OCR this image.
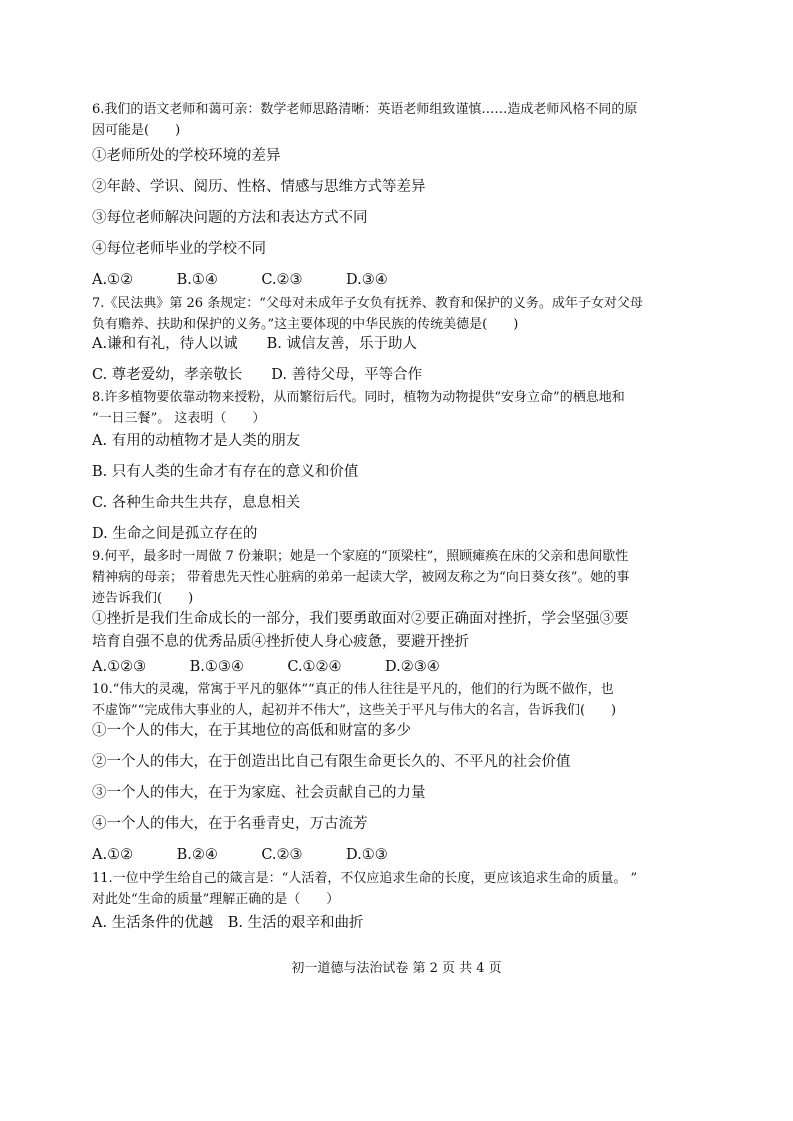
6.我们的语文老师和蔼可亲：数学老师思路清晰：英语老师组致谨慎……造成老师风格不同的原
因可能是(　　)
①老师所处的学校环境的差异
②年龄、学识、阅历、性格、情感与思维方式等差异
③每位老师解决问题的方法和表达方式不同
④每位老师毕业的学校不同
A.①②　　　B.①④　　　C.②③　　　D.③④
7.《民法典》第 26 条规定：“父母对未成年子女负有抚养、教育和保护的义务。成年子女对父母
负有赡养、扶助和保护的义务。”这主要体现的中华民族的传统美德是(　　)
A.谦和有礼，待人以诚　　B. 诚信友善，乐于助人
C. 尊老爱幼，孝亲敬长　　D. 善待父母，平等合作
8.许多植物要依靠动物来授粉，从而繁衍后代。同时，植物为动物提供“安身立命”的栖息地和
“一日三餐”。 这表明（　　）
A. 有用的动植物才是人类的朋友
B. 只有人类的生命才有存在的意义和价值
C. 各种生命共生共存，息息相关
D. 生命之间是孤立存在的
9.何平，最多时一周做 7 份兼职；她是一个家庭的“顶梁柱”，照顾瘫痪在床的父亲和患间歇性
精神病的母亲； 带着患先天性心脏病的弟弟一起读大学，被网友称之为“向日葵女孩”。她的事
迹告诉我们(　　)
①挫折是我们生命成长的一部分，我们要勇敢面对②要正确面对挫折，学会坚强③要
培育自强不息的优秀品质④挫折使人身心疲惫，要避开挫折
A.①②③　　　B.①③④　　　C.①②④　　　D.②③④
10.“伟大的灵魂，常寓于平凡的躯体”“真正的伟人往往是平凡的，他们的行为既不做作，也
不虚饰”“完成伟大事业的人，起初并不伟大”，这些关于平凡与伟大的名言，告诉我们(　　)
①一个人的伟大，在于其地位的高低和财富的多少
②一个人的伟大，在于创造出比自己有限生命更长久的、不平凡的社会价值
③一个人的伟大，在于为家庭、社会贡献自己的力量
④一个人的伟大，在于名垂青史，万古流芳
A.①②　　　B.②④　　　C.②③　　　D.①③
11.一位中学生给自己的箴言是：“人活着，不仅应追求生命的长度，更应该追求生命的质量。 ”
对此处“生命的质量”理解正确的是（　　）
A. 生活条件的优越　B. 生活的艰辛和曲折
初一道德与法治试卷 第 2 页 共 4 页
